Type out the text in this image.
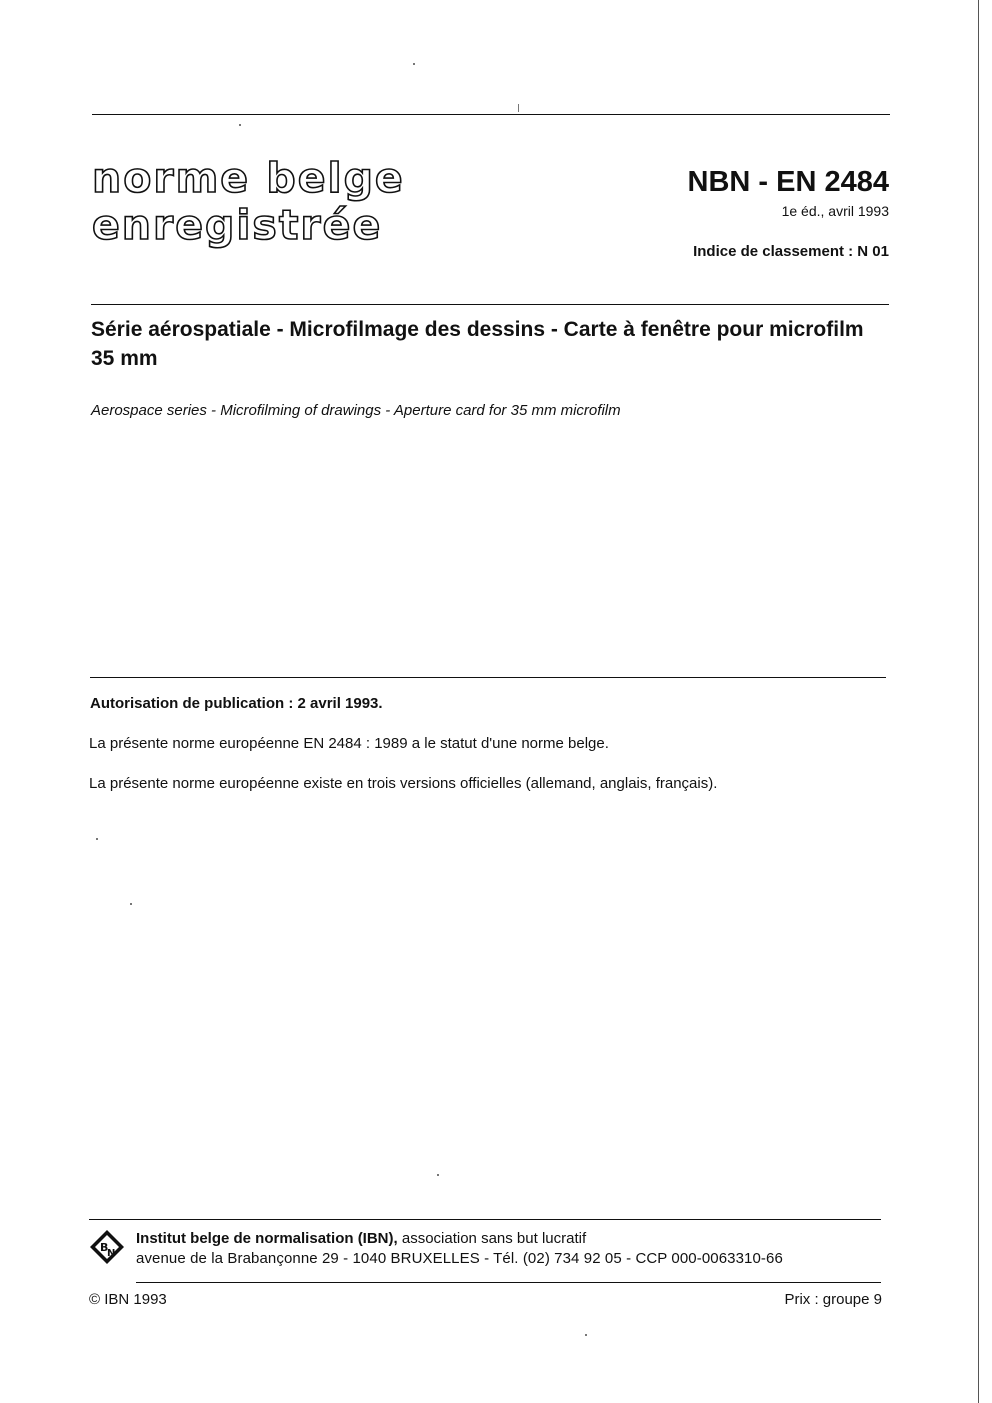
norme belge
enregistrée
NBN - EN 2484
1e éd., avril 1993
Indice de classement : N 01
Série aérospatiale - Microfilmage des dessins - Carte à fenêtre pour microfilm 35 mm
Aerospace series - Microfilming of drawings - Aperture card for 35 mm microfilm
Autorisation de publication : 2 avril 1993.
La présente norme européenne EN 2484 : 1989 a le statut d'une norme belge.
La présente norme européenne existe en trois versions officielles (allemand, anglais, français).
B
N
Institut belge de normalisation (IBN), association sans but lucratif
avenue de la Brabançonne 29 - 1040 BRUXELLES - Tél. (02) 734 92 05 - CCP 000-0063310-66
© IBN 1993	Prix : groupe 9
